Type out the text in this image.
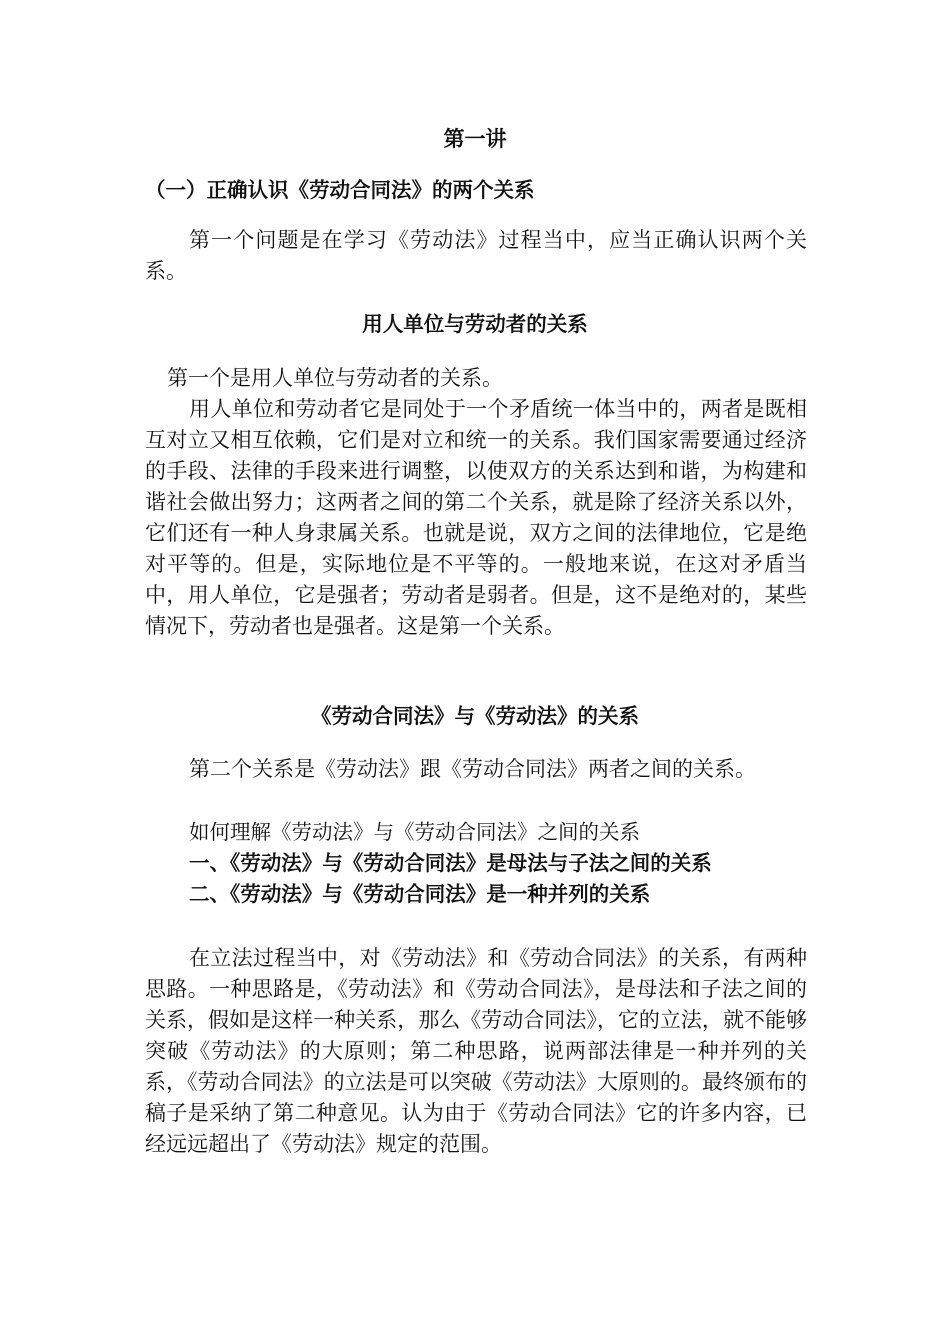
第一讲

（一）正确认识《劳动合同法》的两个关系

第一个问题是在学习《劳动法》过程当中，应当正确认识两个关系。

用人单位与劳动者的关系

第一个是用人单位与劳动者的关系。

用人单位和劳动者它是同处于一个矛盾统一体当中的，两者是既相互对立又相互依赖，它们是对立和统一的关系。我们国家需要通过经济的手段、法律的手段来进行调整，以使双方的关系达到和谐，为构建和谐社会做出努力；这两者之间的第二个关系，就是除了经济关系以外，它们还有一种人身隶属关系。也就是说，双方之间的法律地位，它是绝对平等的。但是，实际地位是不平等的。一般地来说，在这对矛盾当中，用人单位，它是强者；劳动者是弱者。但是，这不是绝对的，某些情况下，劳动者也是强者。这是第一个关系。

《劳动合同法》与《劳动法》的关系

第二个关系是《劳动法》跟《劳动合同法》两者之间的关系。

如何理解《劳动法》与《劳动合同法》之间的关系
一、《劳动法》与《劳动合同法》是母法与子法之间的关系
二、《劳动法》与《劳动合同法》是一种并列的关系

在立法过程当中，对《劳动法》和《劳动合同法》的关系，有两种思路。一种思路是，《劳动法》和《劳动合同法》，是母法和子法之间的关系，假如是这样一种关系，那么《劳动合同法》，它的立法，就不能够突破《劳动法》的大原则；第二种思路，说两部法律是一种并列的关系，《劳动合同法》的立法是可以突破《劳动法》大原则的。最终颁布的稿子是采纳了第二种意见。认为由于《劳动合同法》它的许多内容，已经远远超出了《劳动法》规定的范围。
